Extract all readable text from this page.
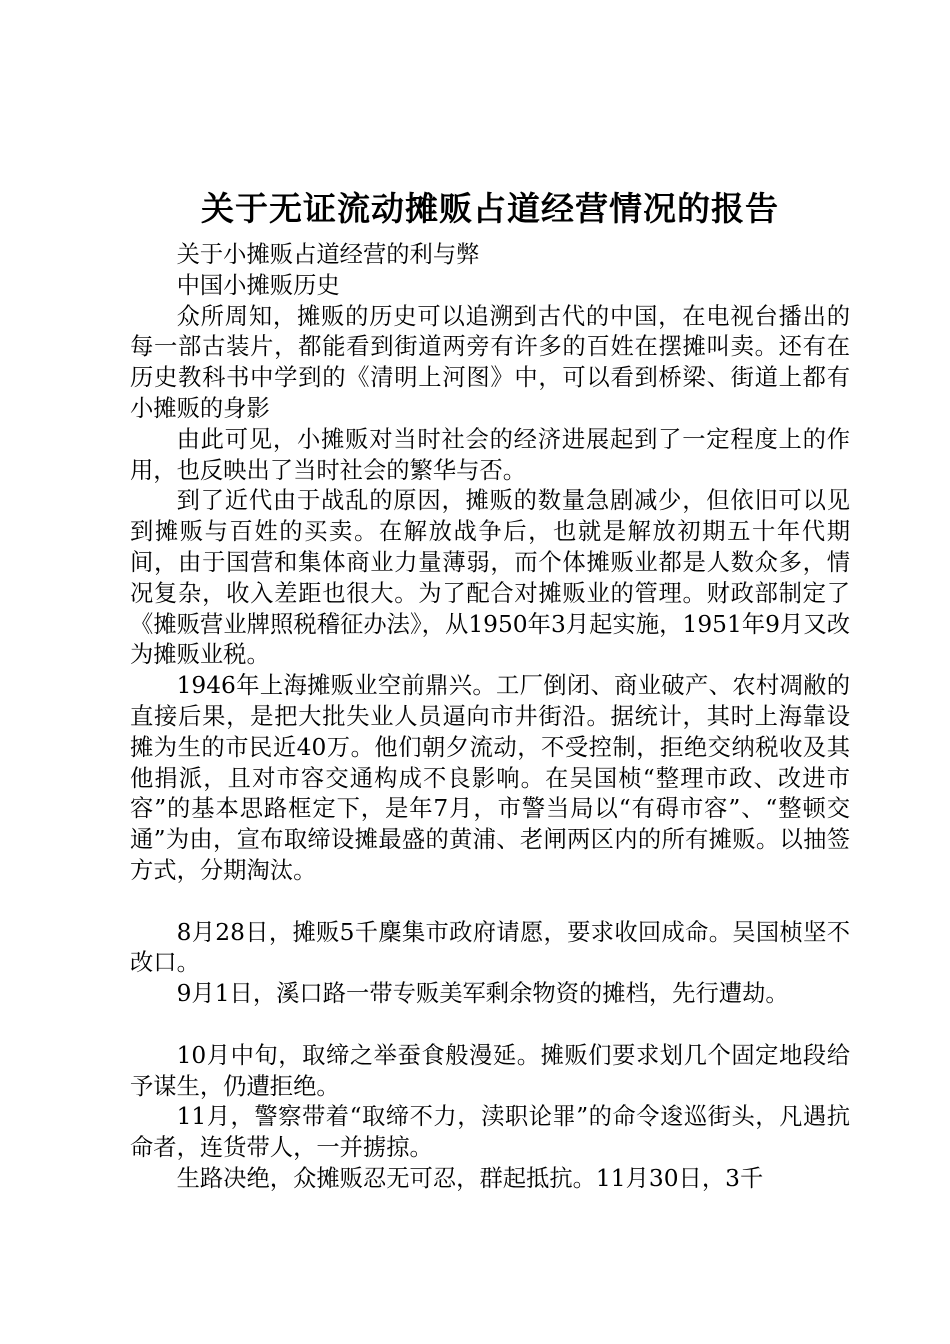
关于无证流动摊贩占道经营情况的报告

关于小摊贩占道经营的利与弊

中国小摊贩历史

众所周知，摊贩的历史可以追溯到古代的中国，在电视台播出的每一部古装片，都能看到街道两旁有许多的百姓在摆摊叫卖。还有在历史教科书中学到的《清明上河图》中，可以看到桥梁、街道上都有小摊贩的身影

由此可见，小摊贩对当时社会的经济进展起到了一定程度上的作用，也反映出了当时社会的繁华与否。

到了近代由于战乱的原因，摊贩的数量急剧减少，但依旧可以见到摊贩与百姓的买卖。在解放战争后，也就是解放初期五十年代期间，由于国营和集体商业力量薄弱，而个体摊贩业都是人数众多，情况复杂，收入差距也很大。为了配合对摊贩业的管理。财政部制定了《摊贩营业牌照税稽征办法》，从1950年3月起实施，1951年9月又改为摊贩业税。

1946年上海摊贩业空前鼎兴。工厂倒闭、商业破产、农村凋敝的直接后果，是把大批失业人员逼向市井街沿。据统计，其时上海靠设摊为生的市民近40万。他们朝夕流动，不受控制，拒绝交纳税收及其他捐派，且对市容交通构成不良影响。在吴国桢“整理市政、改进市容”的基本思路框定下，是年7月，市警当局以“有碍市容”、“整顿交通”为由，宣布取缔设摊最盛的黄浦、老闸两区内的所有摊贩。以抽签方式，分期淘汰。

8月28日，摊贩5千麇集市政府请愿，要求收回成命。吴国桢坚不改口。

9月1日，溪口路一带专贩美军剩余物资的摊档，先行遭劫。

10月中旬，取缔之举蚕食般漫延。摊贩们要求划几个固定地段给予谋生，仍遭拒绝。

11月，警察带着“取缔不力，渎职论罪”的命令逡巡街头，凡遇抗命者，连货带人，一并掳掠。

生路决绝，众摊贩忍无可忍，群起抵抗。11月30日，3千
